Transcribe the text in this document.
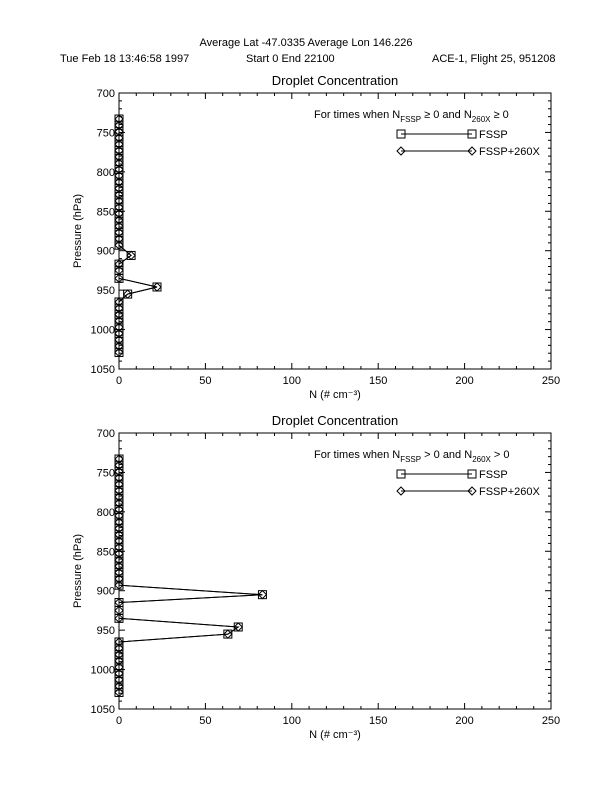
Average Lat -47.0335 Average Lon 146.226
Tue Feb 18 13:46:58 1997	Start 0 End 22100	ACE-1, Flight 25, 951208
Droplet Concentration
0	50	100	150	200	250
700
750
800
850
900
950
1000
1050
N (# cm⁻³)
Pressure (hPa)
For times when $N_{FSSP} \ge 0$ and $N_{260X} \ge 0$
FSSP
FSSP+260X
Droplet Concentration
0	50	100	150	200	250
700
750
800
850
900
950
1000
1050
N (# cm⁻³)
Pressure (hPa)
For times when $N_{FSSP} > 0$ and $N_{260X} > 0$
FSSP
FSSP+260X
